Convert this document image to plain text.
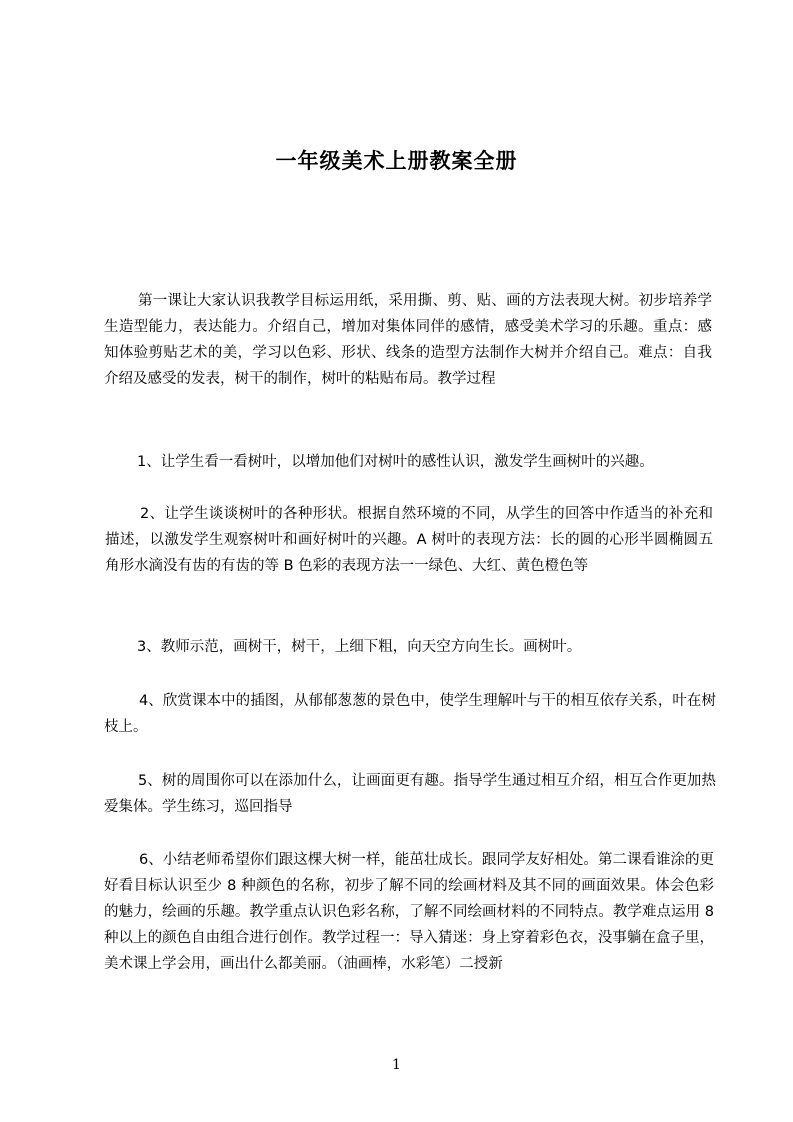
一年级美术上册教案全册

第一课让大家认识我教学目标运用纸，采用撕、剪、贴、画的方法表现大树。初步培养学生造型能力，表达能力。介绍自己，增加对集体同伴的感情，感受美术学习的乐趣。重点：感知体验剪贴艺术的美，学习以色彩、形状、线条的造型方法制作大树并介绍自己。难点：自我介绍及感受的发表，树干的制作，树叶的粘贴布局。教学过程

1、让学生看一看树叶，以增加他们对树叶的感性认识，激发学生画树叶的兴趣。

2、让学生谈谈树叶的各种形状。根据自然环境的不同，从学生的回答中作适当的补充和描述，以激发学生观察树叶和画好树叶的兴趣。A 树叶的表现方法：长的圆的心形半圆椭圆五角形水滴没有齿的有齿的等 B 色彩的表现方法一一绿色、大红、黄色橙色等

3、教师示范，画树干，树干，上细下粗，向天空方向生长。画树叶。

4、欣赏课本中的插图，从郁郁葱葱的景色中，使学生理解叶与干的相互依存关系，叶在树枝上。

5、树的周围你可以在添加什么，让画面更有趣。指导学生通过相互介绍，相互合作更加热爱集体。学生练习，巡回指导

6、小结老师希望你们跟这棵大树一样，能茁壮成长。跟同学友好相处。第二课看谁涂的更好看目标认识至少 8 种颜色的名称，初步了解不同的绘画材料及其不同的画面效果。体会色彩的魅力，绘画的乐趣。教学重点认识色彩名称，了解不同绘画材料的不同特点。教学难点运用 8 种以上的颜色自由组合进行创作。教学过程一：导入猜迷：身上穿着彩色衣，没事躺在盒子里，美术课上学会用，画出什么都美丽。（油画棒，水彩笔）二授新

1
